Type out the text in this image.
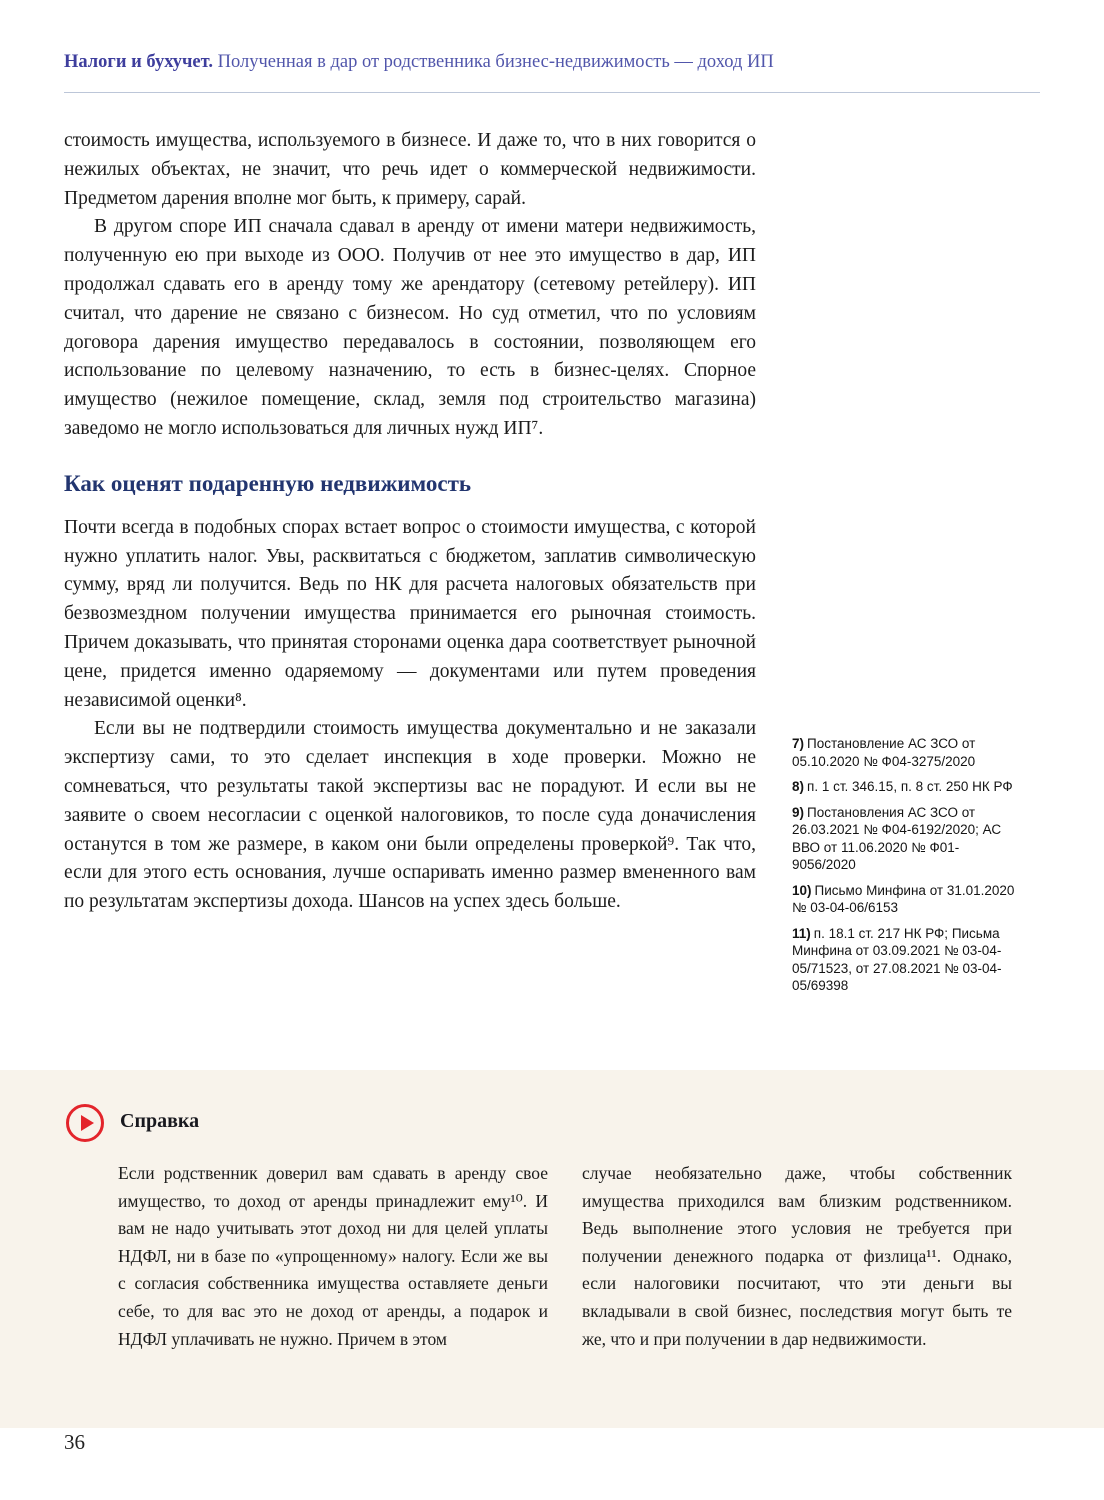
Налоги и бухучет. Полученная в дар от родственника бизнес-недвижимость — доход ИП

стоимость имущества, используемого в бизнесе. И даже то, что в них говорится о нежилых объектах, не значит, что речь идет о коммерческой недвижимости. Предметом дарения вполне мог быть, к примеру, сарай.

В другом споре ИП сначала сдавал в аренду от имени матери недвижимость, полученную ею при выходе из ООО. Получив от нее это имущество в дар, ИП продолжал сдавать его в аренду тому же арендатору (сетевому ретейлеру). ИП считал, что дарение не связано с бизнесом. Но суд отметил, что по условиям договора дарения имущество передавалось в состоянии, позволяющем его использование по целевому назначению, то есть в бизнес-целях. Спорное имущество (нежилое помещение, склад, земля под строительство магазина) заведомо не могло использоваться для личных нужд ИП⁷.

Как оценят подаренную недвижимость

Почти всегда в подобных спорах встает вопрос о стоимости имущества, с которой нужно уплатить налог. Увы, расквитаться с бюджетом, заплатив символическую сумму, вряд ли получится. Ведь по НК для расчета налоговых обязательств при безвозмездном получении имущества принимается его рыночная стоимость. Причем доказывать, что принятая сторонами оценка дара соответствует рыночной цене, придется именно одаряемому — документами или путем проведения независимой оценки⁸.

Если вы не подтвердили стоимость имущества документально и не заказали экспертизу сами, то это сделает инспекция в ходе проверки. Можно не сомневаться, что результаты такой экспертизы вас не порадуют. И если вы не заявите о своем несогласии с оценкой налоговиков, то после суда доначисления останутся в том же размере, в каком они были определены проверкой⁹. Так что, если для этого есть основания, лучше оспаривать именно размер вмененного вам по результатам экспертизы дохода. Шансов на успех здесь больше.

7) Постановление АС ЗСО от 05.10.2020 № Ф04-3275/2020
8) п. 1 ст. 346.15, п. 8 ст. 250 НК РФ
9) Постановления АС ЗСО от 26.03.2021 № Ф04-6192/2020; АС ВВО от 11.06.2020 № Ф01-9056/2020
10) Письмо Минфина от 31.01.2020 № 03-04-06/6153
11) п. 18.1 ст. 217 НК РФ; Письма Минфина от 03.09.2021 № 03-04-05/71523, от 27.08.2021 № 03-04-05/69398
Справка

Если родственник доверил вам сдавать в аренду свое имущество, то доход от аренды принадлежит ему¹⁰. И вам не надо учитывать этот доход ни для целей уплаты НДФЛ, ни в базе по «упрощенному» налогу. Если же вы с согласия собственника имущества оставляете деньги себе, то для вас это не доход от аренды, а подарок и НДФЛ уплачивать не нужно. Причем в этом

случае необязательно даже, чтобы собственник имущества приходился вам близким родственником. Ведь выполнение этого условия не требуется при получении денежного подарка от физлица¹¹. Однако, если налоговики посчитают, что эти деньги вы вкладывали в свой бизнес, последствия могут быть те же, что и при получении в дар недвижимости.

36
